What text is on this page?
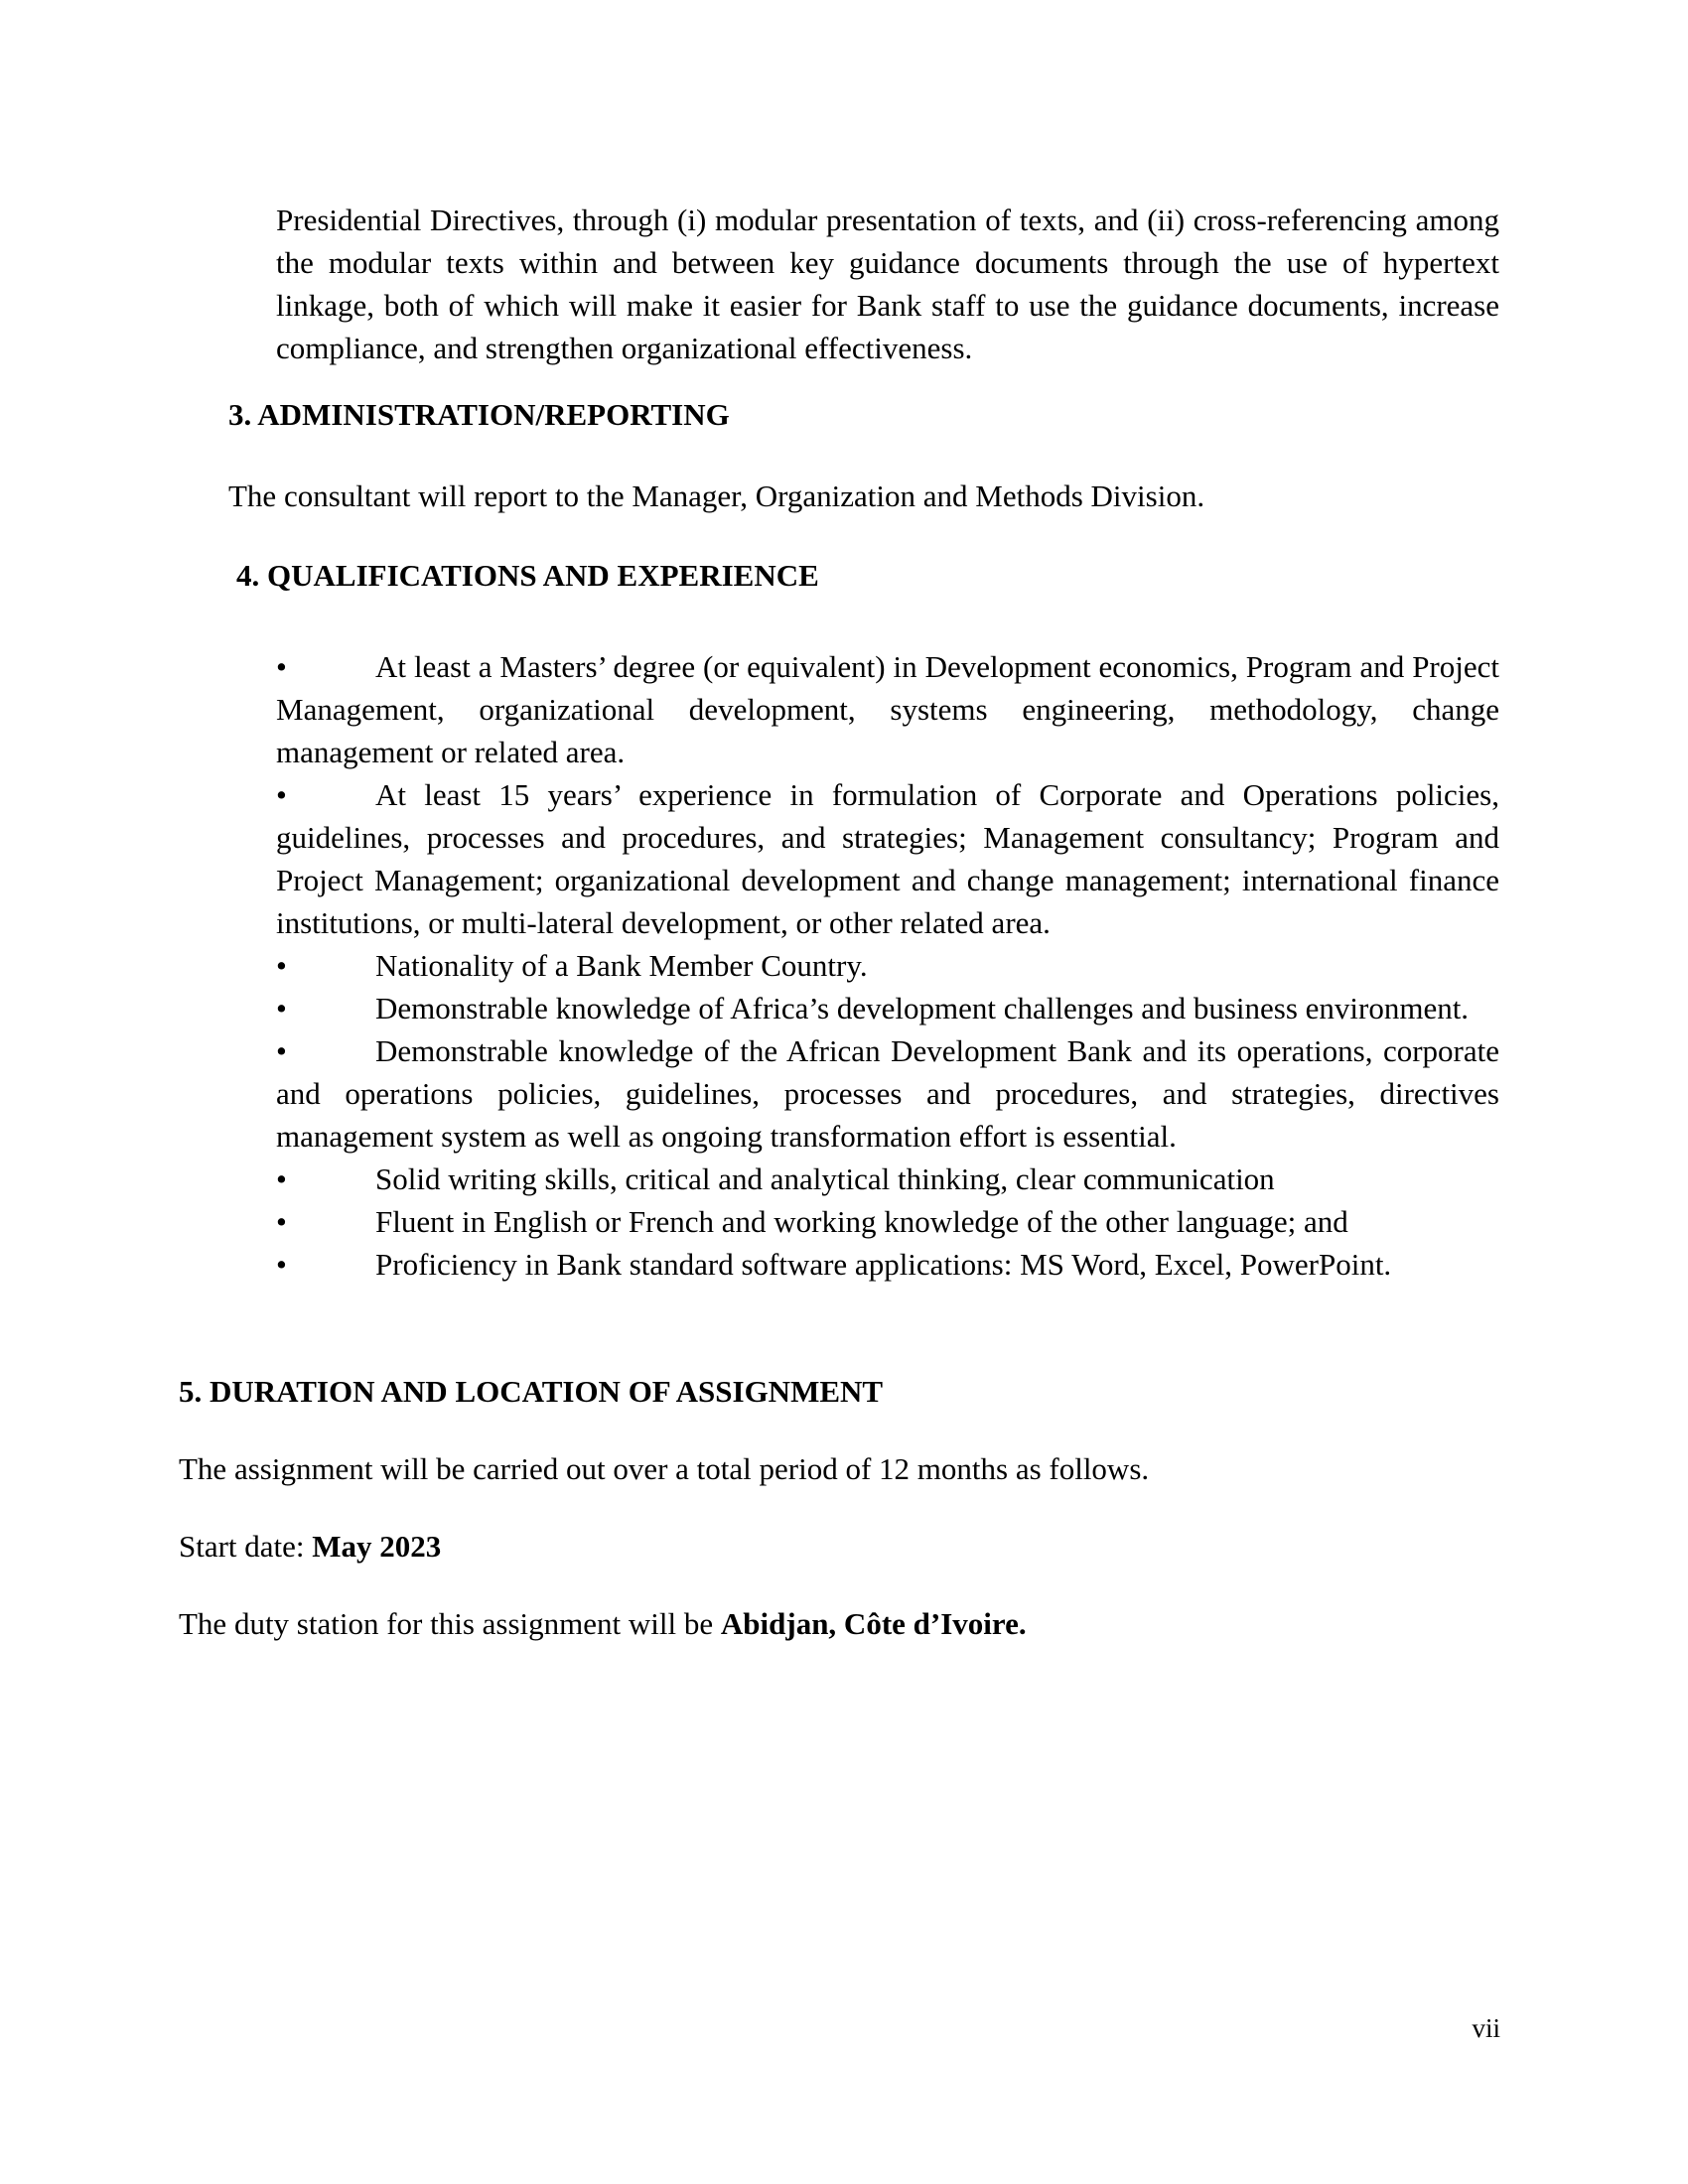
Presidential Directives, through (i) modular presentation of texts, and (ii) cross-referencing among the modular texts within and between key guidance documents through the use of hypertext linkage, both of which will make it easier for Bank staff to use the guidance documents, increase compliance, and strengthen organizational effectiveness.

3. ADMINISTRATION/REPORTING

The consultant will report to the Manager, Organization and Methods Division.

4. QUALIFICATIONS AND EXPERIENCE

•	At least a Masters’ degree (or equivalent) in Development economics, Program and Project Management, organizational development, systems engineering, methodology, change management or related area.

•	At least 15 years’ experience in formulation of Corporate and Operations policies, guidelines, processes and procedures, and strategies; Management consultancy; Program and Project Management; organizational development and change management; international finance institutions, or multi-lateral development, or other related area.

•	Nationality of a Bank Member Country.

•	Demonstrable knowledge of Africa’s development challenges and business environment.

•	Demonstrable knowledge of the African Development Bank and its operations, corporate and operations policies, guidelines, processes and procedures, and strategies, directives management system as well as ongoing transformation effort is essential.

•	Solid writing skills, critical and analytical thinking, clear communication

•	Fluent in English or French and working knowledge of the other language; and

•	Proficiency in Bank standard software applications: MS Word, Excel, PowerPoint.

5. DURATION AND LOCATION OF ASSIGNMENT

The assignment will be carried out over a total period of 12 months as follows.

Start date: May 2023

The duty station for this assignment will be Abidjan, Côte d’Ivoire.

vii
